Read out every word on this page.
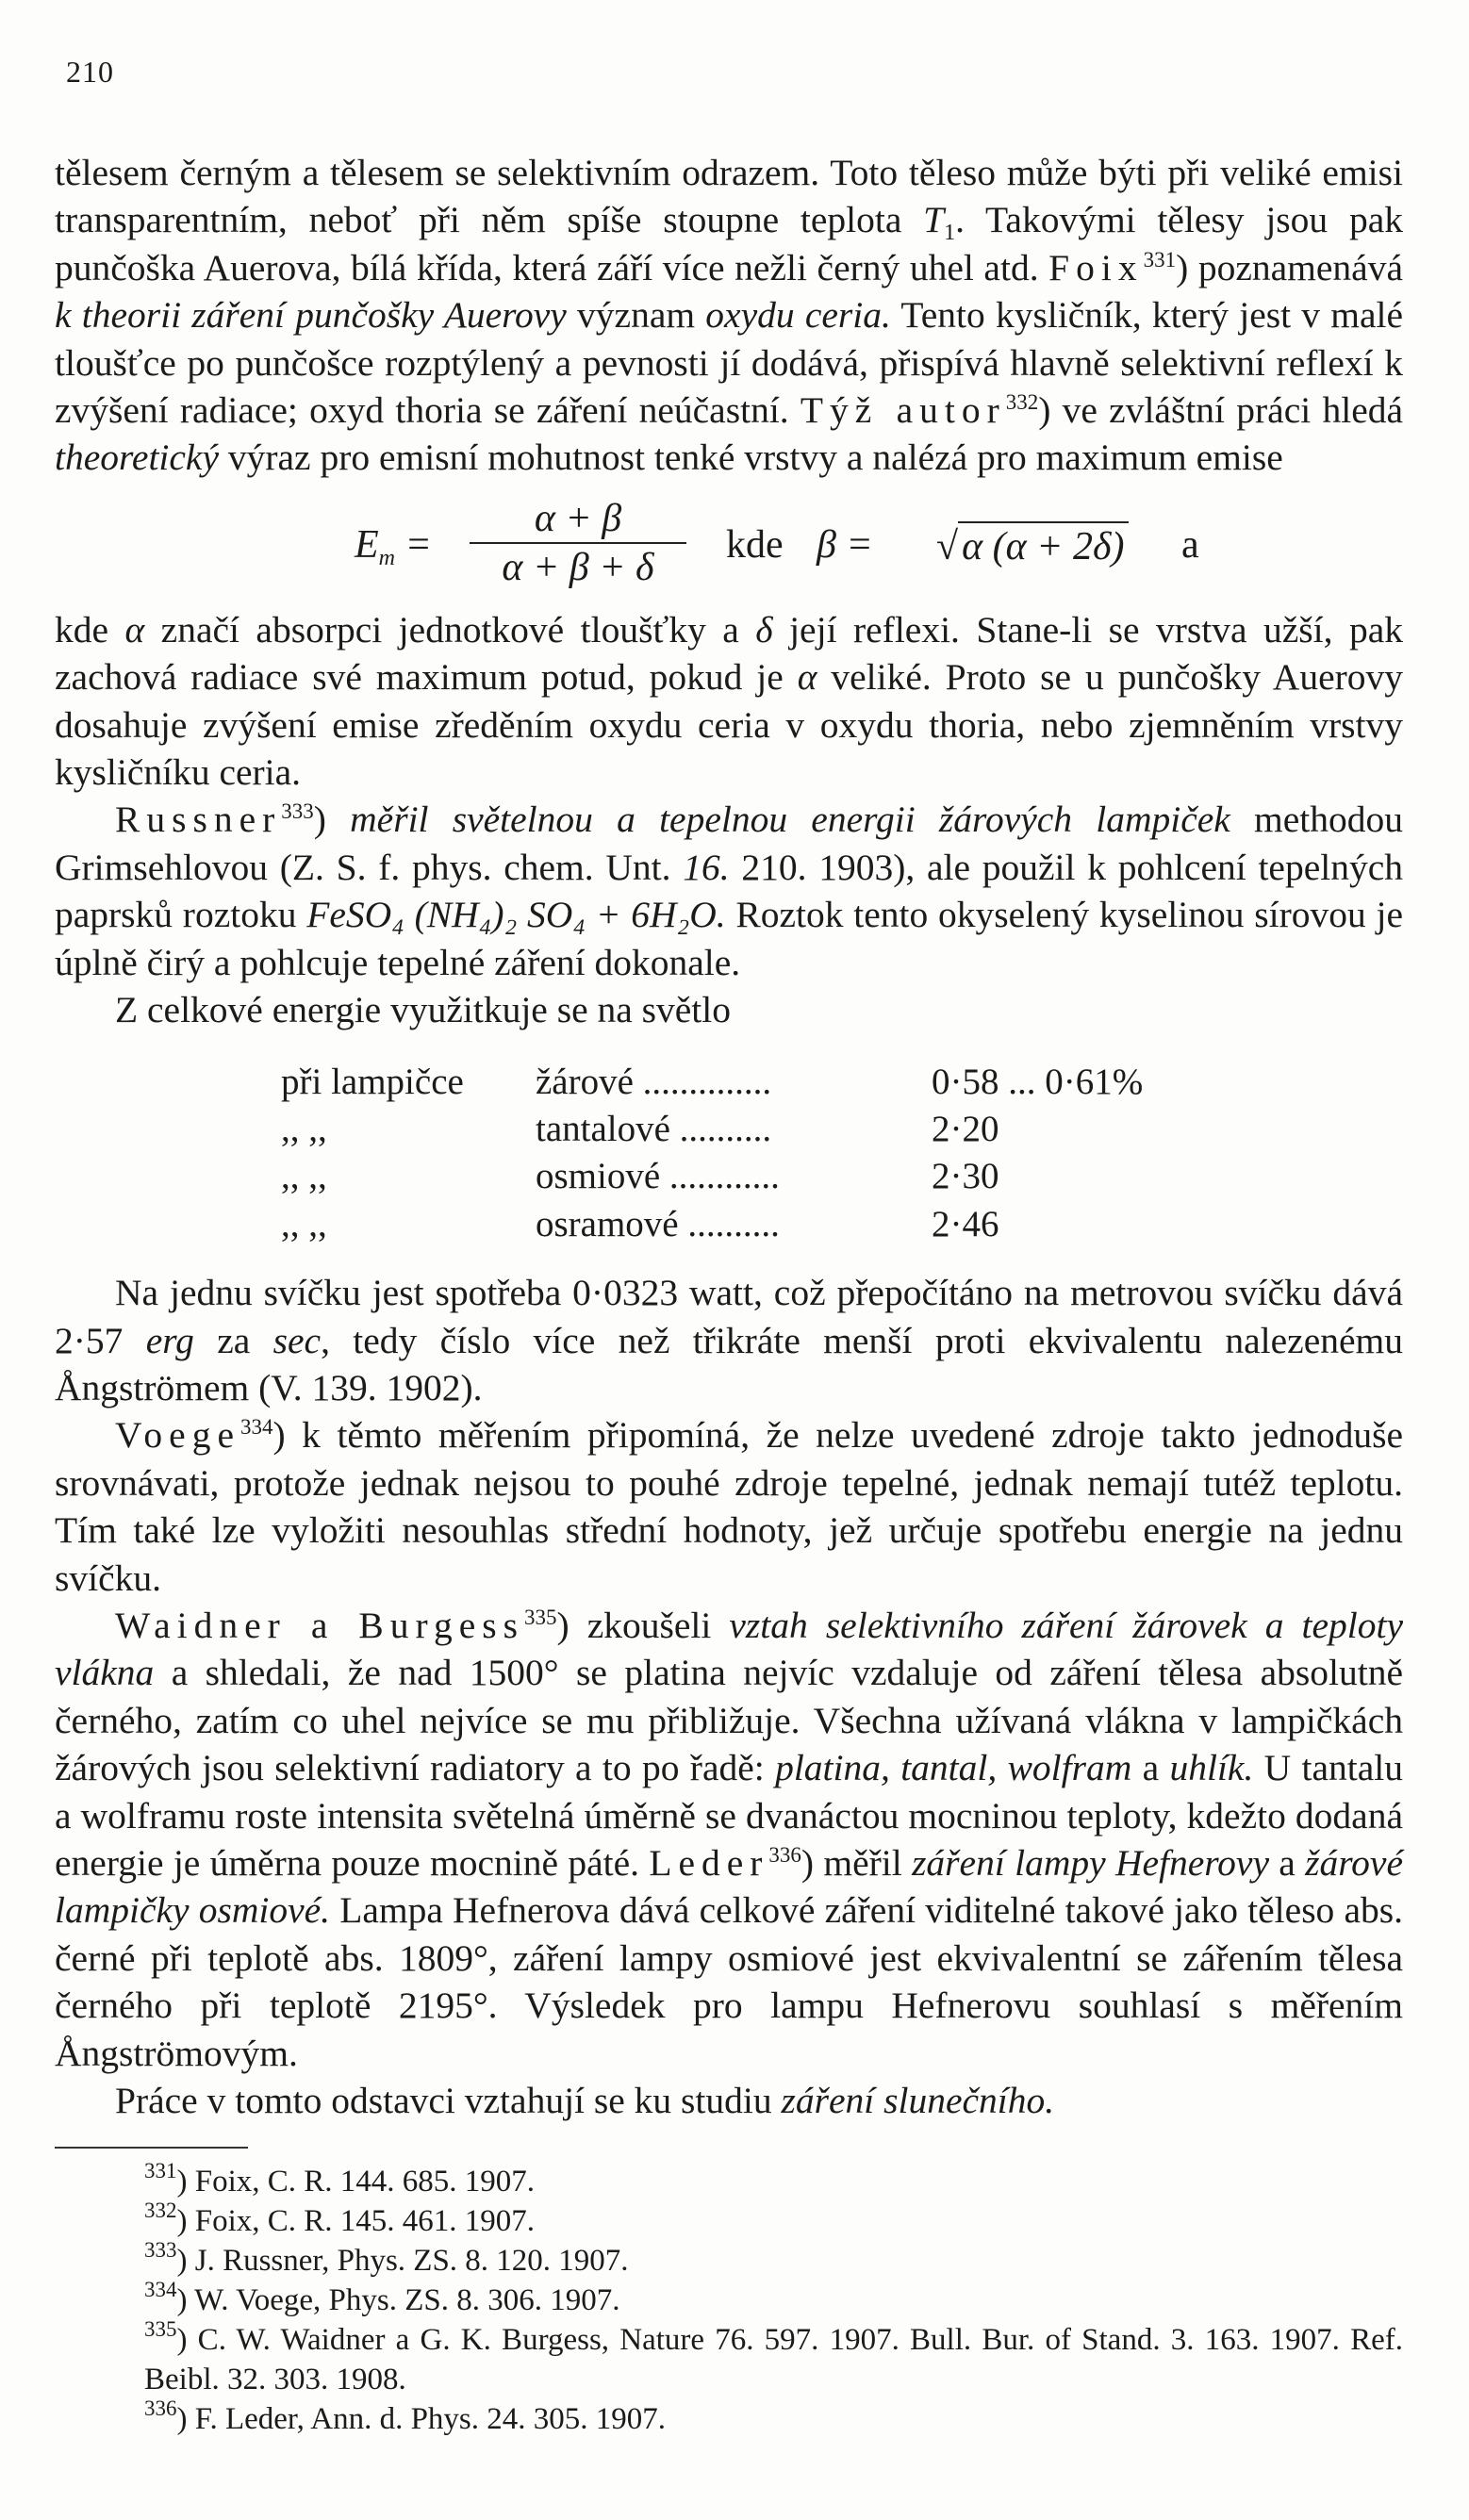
210

tělesem černým a tělesem se selektivním odrazem. Toto těleso může býti při veliké emisi transparentním, neboť při něm spíše stoupne teplota $T_1$. Takovými tělesy jsou pak punčoška Auerova, bílá křída, která září více nežli černý uhel atd. Foix$^{331}$) poznamenává k theorii záření punčošky Auerovy význam oxydu ceria. Tento kysličník, který jest v malé tloušťce po punčošce rozptýlený a pevnosti jí dodává, přispívá hlavně selektivní reflexí k zvýšení radiace; oxyd thoria se záření neúčastní. Týž autor$^{332}$) ve zvláštní práci hledá theoretický výraz pro emisní mohutnost tenké vrstvy a nalézá pro maximum emise

$E_m$ =
α + β
α + β + δ
kde β = √α (α + 2δ) a

kde α značí absorpci jednotkové tloušťky a δ její reflexi. Stane-li se vrstva užší, pak zachová radiace své maximum potud, pokud je α veliké. Proto se u punčošky Auerovy dosahuje zvýšení emise zředěním oxydu ceria v oxydu thoria, nebo zjemněním vrstvy kysličníku ceria.

Russner$^{333}$) měřil světelnou a tepelnou energii žárových lampiček methodou Grimsehlovou (Z. S. f. phys. chem. Unt. 16. 210. 1903), ale použil k pohlcení tepelných paprsků roztoku FeSO₄ (NH₄)₂ SO₄ + 6H₂O. Roztok tento okyselený kyselinou sírovou je úplně čirý a pohlcuje tepelné záření dokonale.

Z celkové energie využitkuje se na světlo

při lampičce	žárové ..............	0·58 ... 0·61%
,, ,,	tantalové ..........	2·20
,, ,,	osmiové ............	2·30
,, ,,	osramové ..........	2·46

Na jednu svíčku jest spotřeba 0·0323 watt, což přepočítáno na metrovou svíčku dává 2·57 erg za sec, tedy číslo více než třikráte menší proti ekvivalentu nalezenému Ångströmem (V. 139. 1902).

Voege$^{334}$) k těmto měřením připomíná, že nelze uvedené zdroje takto jednoduše srovnávati, protože jednak nejsou to pouhé zdroje tepelné, jednak nemají tutéž teplotu. Tím také lze vyložiti nesouhlas střední hodnoty, jež určuje spotřebu energie na jednu svíčku.

Waidner a Burgess$^{335}$) zkoušeli vztah selektivního záření žárovek a teploty vlákna a shledali, že nad 1500° se platina nejvíc vzdaluje od záření tělesa absolutně černého, zatím co uhel nejvíce se mu přibližuje. Všechna užívaná vlákna v lampičkách žárových jsou selektivní radiatory a to po řadě: platina, tantal, wolfram a uhlík. U tantalu a wolframu roste intensita světelná úměrně se dvanáctou mocninou teploty, kdežto dodaná energie je úměrna pouze mocnině páté. Leder$^{336}$) měřil záření lampy Hefnerovy a žárové lampičky osmiové. Lampa Hefnerova dává celkové záření viditelné takové jako těleso abs. černé při teplotě abs. 1809°, záření lampy osmiové jest ekvivalentní se zářením tělesa černého při teplotě 2195°. Výsledek pro lampu Hefnerovu souhlasí s měřením Ångströmovým.

Práce v tomto odstavci vztahují se ku studiu záření slunečního.

$^{331}$) Foix, C. R. 144. 685. 1907.

$^{332}$) Foix, C. R. 145. 461. 1907.

$^{333}$) J. Russner, Phys. ZS. 8. 120. 1907.

$^{334}$) W. Voege, Phys. ZS. 8. 306. 1907.

$^{335}$) C. W. Waidner a G. K. Burgess, Nature 76. 597. 1907. Bull. Bur. of Stand. 3. 163. 1907. Ref. Beibl. 32. 303. 1908.

$^{336}$) F. Leder, Ann. d. Phys. 24. 305. 1907.
